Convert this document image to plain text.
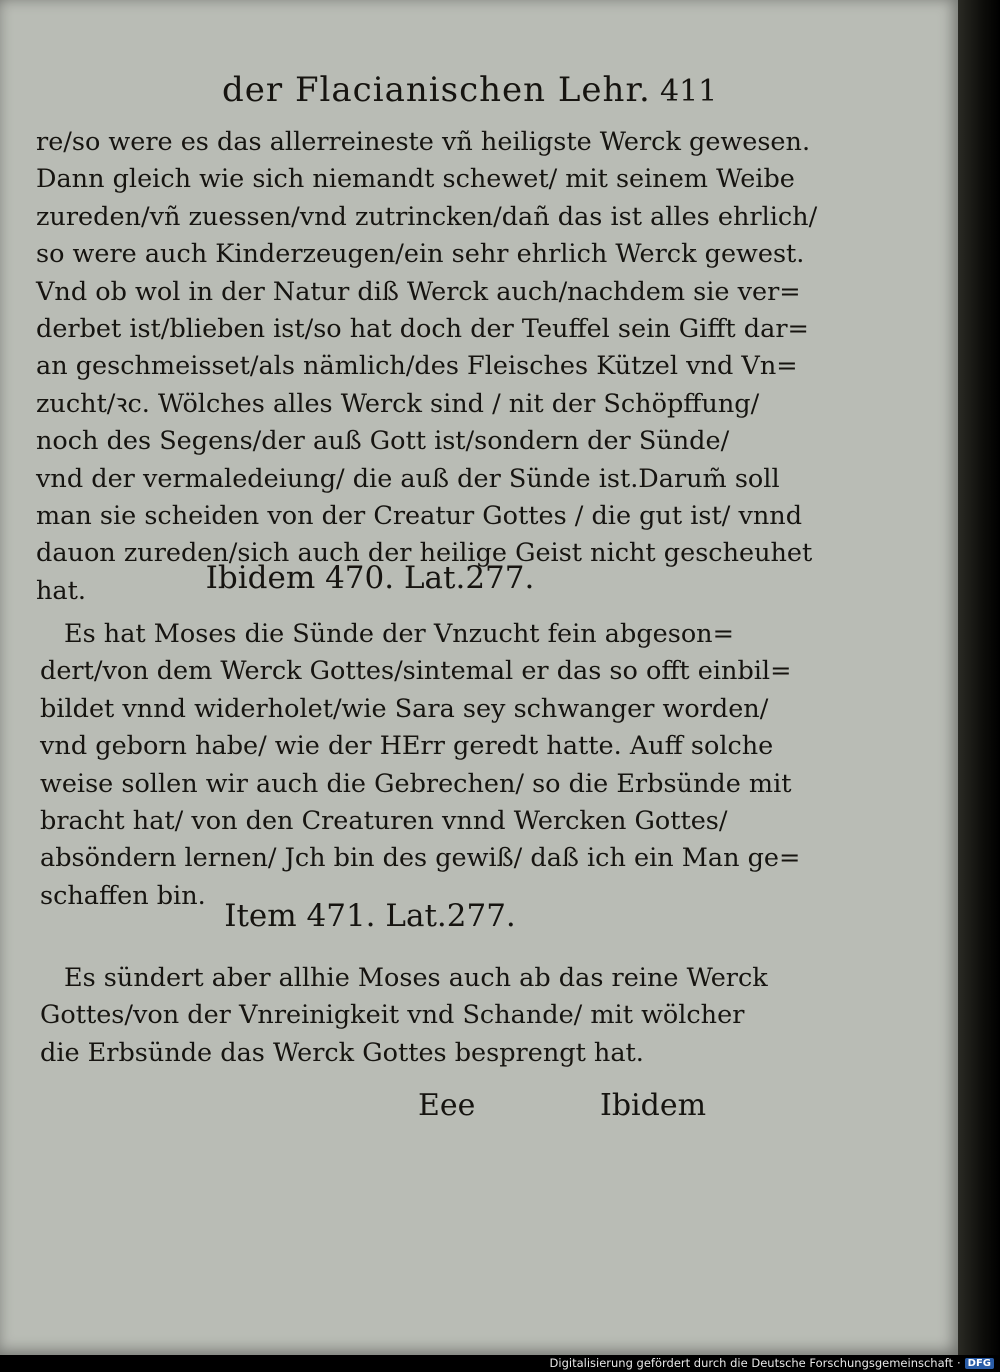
der Flacianischen Lehr. 411
re/so were es das allerreineste vñ heiligste Werck gewesen.
Dann gleich wie sich niemandt schewet/ mit seinem Weibe
zureden/vñ zuessen/vnd zutrincken/dañ das ist alles ehrlich/
so were auch Kinderzeugen/ein sehr ehrlich Werck gewest.
Vnd ob wol in der Natur diß Werck auch/nachdem sie ver=
derbet ist/blieben ist/so hat doch der Teuffel sein Gifft dar=
an geschmeisset/als nämlich/des Fleisches Kützel vnd Vn=
zucht/ꝛc. Wölches alles Werck sind / nit der Schöpffung/
noch des Segens/der auß Gott ist/sondern der Sünde/
vnd der vermaledeiung/ die auß der Sünde ist.Darum̃ soll
man sie scheiden von der Creatur Gottes / die gut ist/ vnnd
dauon zureden/sich auch der heilige Geist nicht gescheuhet
hat.	Ibidem 470. Lat.277.
Es hat Moses die Sünde der Vnzucht fein abgeson=
dert/von dem Werck Gottes/sintemal er das so offt einbil=
bildet vnnd widerholet/wie Sara sey schwanger worden/
vnd geborn habe/ wie der HErr geredt hatte. Auff solche
weise sollen wir auch die Gebrechen/ so die Erbsünde mit
bracht hat/ von den Creaturen vnnd Wercken Gottes/
absöndern lernen/ Jch bin des gewiß/ daß ich ein Man ge=
schaffen bin.
Item 471. Lat.277.
Es sündert aber allhie Moses auch ab das reine Werck
Gottes/von der Vnreinigkeit vnd Schande/ mit wölcher
die Erbsünde das Werck Gottes besprengt hat.
Eee	Ibidem
Digitalisierung gefördert durch die Deutsche Forschungsgemeinschaft · DFG
